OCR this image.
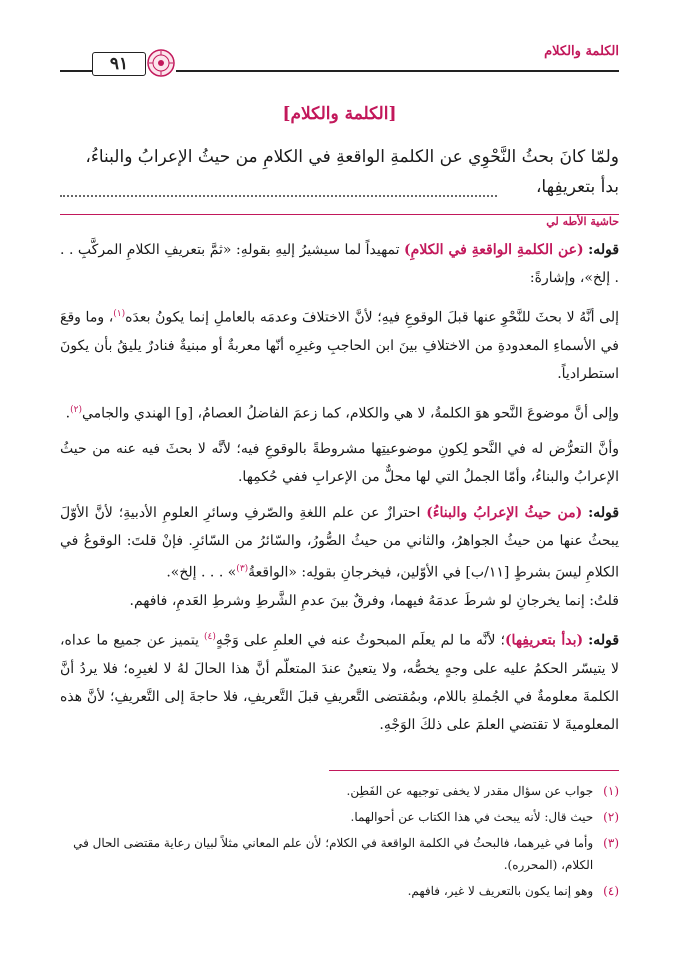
الكلمة والكلام
٩١
[الكلمة والكلام]

ولمّا كانَ بحثُ النَّحْوِي عن الكلمةِ الواقعةِ في الكلامِ من حيثُ الإعرابُ والبناءُ،

بدأ بتعريفِها،

حاشية الأطه لي

قوله: (عن الكلمةِ الواقعةِ في الكلامِ) تمهيداً لما سيشيرُ إليهِ بقولهِ: «ثمَّ بتعريفِ الكلامِ المركَّبِ . . . إلخ»، وإشارةً:

إلى أنَّهُ لا بحثَ للنَّحْوِ عنها قبلَ الوقوعِ فيهِ؛ لأنَّ الاختلافَ وعدمَه بالعاملِ إنما يكونُ بعدَه$^{(١)}$، وما وقعَ في الأسماءِ المعدودةِ من الاختلافِ بينَ ابن الحاجبِ وغيرِه أنّها معربةٌ أو مبنيةٌ فنادرٌ يليقُ بأن يكونَ استطرادياً.

وإلى أنَّ موضوعَ النَّحو هوَ الكلمةُ، لا هي والكلام، كما زعمَ الفاضلُ العصامُ، [و] الهندي والجامي$^{(٢)}$.

وأنَّ التعرُّض له في النَّحو لِكونِ موضوعيتِها مشروطةً بالوقوعِ فيه؛ لأنَّه لا بحثَ فيه عنه من حيثُ الإعرابُ والبناءُ، وأمّا الجملُ التي لها محلٌّ من الإعرابِ ففي حُكمِها.

قوله: (من حيثُ الإعرابُ والبناءُ) احترازٌ عن علم اللغةِ والصّرفِ وسائرِ العلومِ الأدبيةِ؛ لأنَّ الأوّلَ يبحثُ عنها من حيثُ الجواهرُ، والثاني من حيثُ الصُّورُ، والسّائرُ من السّائرِ. فإنْ قلتَ: الوقوعُ في الكلامِ ليسَ بشرطٍ [١١/ب] في الأوّلين، فيخرجانِ بقولِه: «الواقعةُ$^{(٣)}$» . . . إلخ».
قلتُ: إنما يخرجانِ لو شرطَ عدمَهُ فيهما، وفرقٌ بينَ عدمِ الشَّرطِ وشرطِ العَدمِ، فافهم.

قوله: (بدأ بتعريفِها)؛ لأنَّه ما لم يعلَم المبحوثُ عنه في العلمِ على وَجْهٍ$^{(٤)}$ يتميز عن جميع ما عداه، لا يتيسّر الحكمُ عليه على وجهٍ يخصُّه، ولا يتعينُ عندَ المتعلّم أنَّ هذا الحالَ لهُ لا لغيرِه؛ فلا يردُ أنَّ الكلمةَ معلومةٌ في الجُملةِ باللام، وبمُقتضى التَّعريفِ قبلَ التَّعريفِ، فلا حاجةَ إلى التَّعريفِ؛ لأنَّ هذه المعلوميةَ لا تقتضي العلمَ على ذلكَ الوَجْهِ.

(١)
جواب عن سؤال مقدر لا يخفى توجيهه عن الفَطِن.
(٢)
حيث قال: لأنه يبحث في هذا الكتاب عن أحوالهما.
(٣)
وأما في غيرهما، فالبحثُ في الكلمة الواقعة في الكلام؛ لأن علم المعاني مثلاً لبيان رعاية مقتضى الحال في الكلام، (المحرره).
(٤)
وهو إنما يكون بالتعريف لا غير، فافهم.
